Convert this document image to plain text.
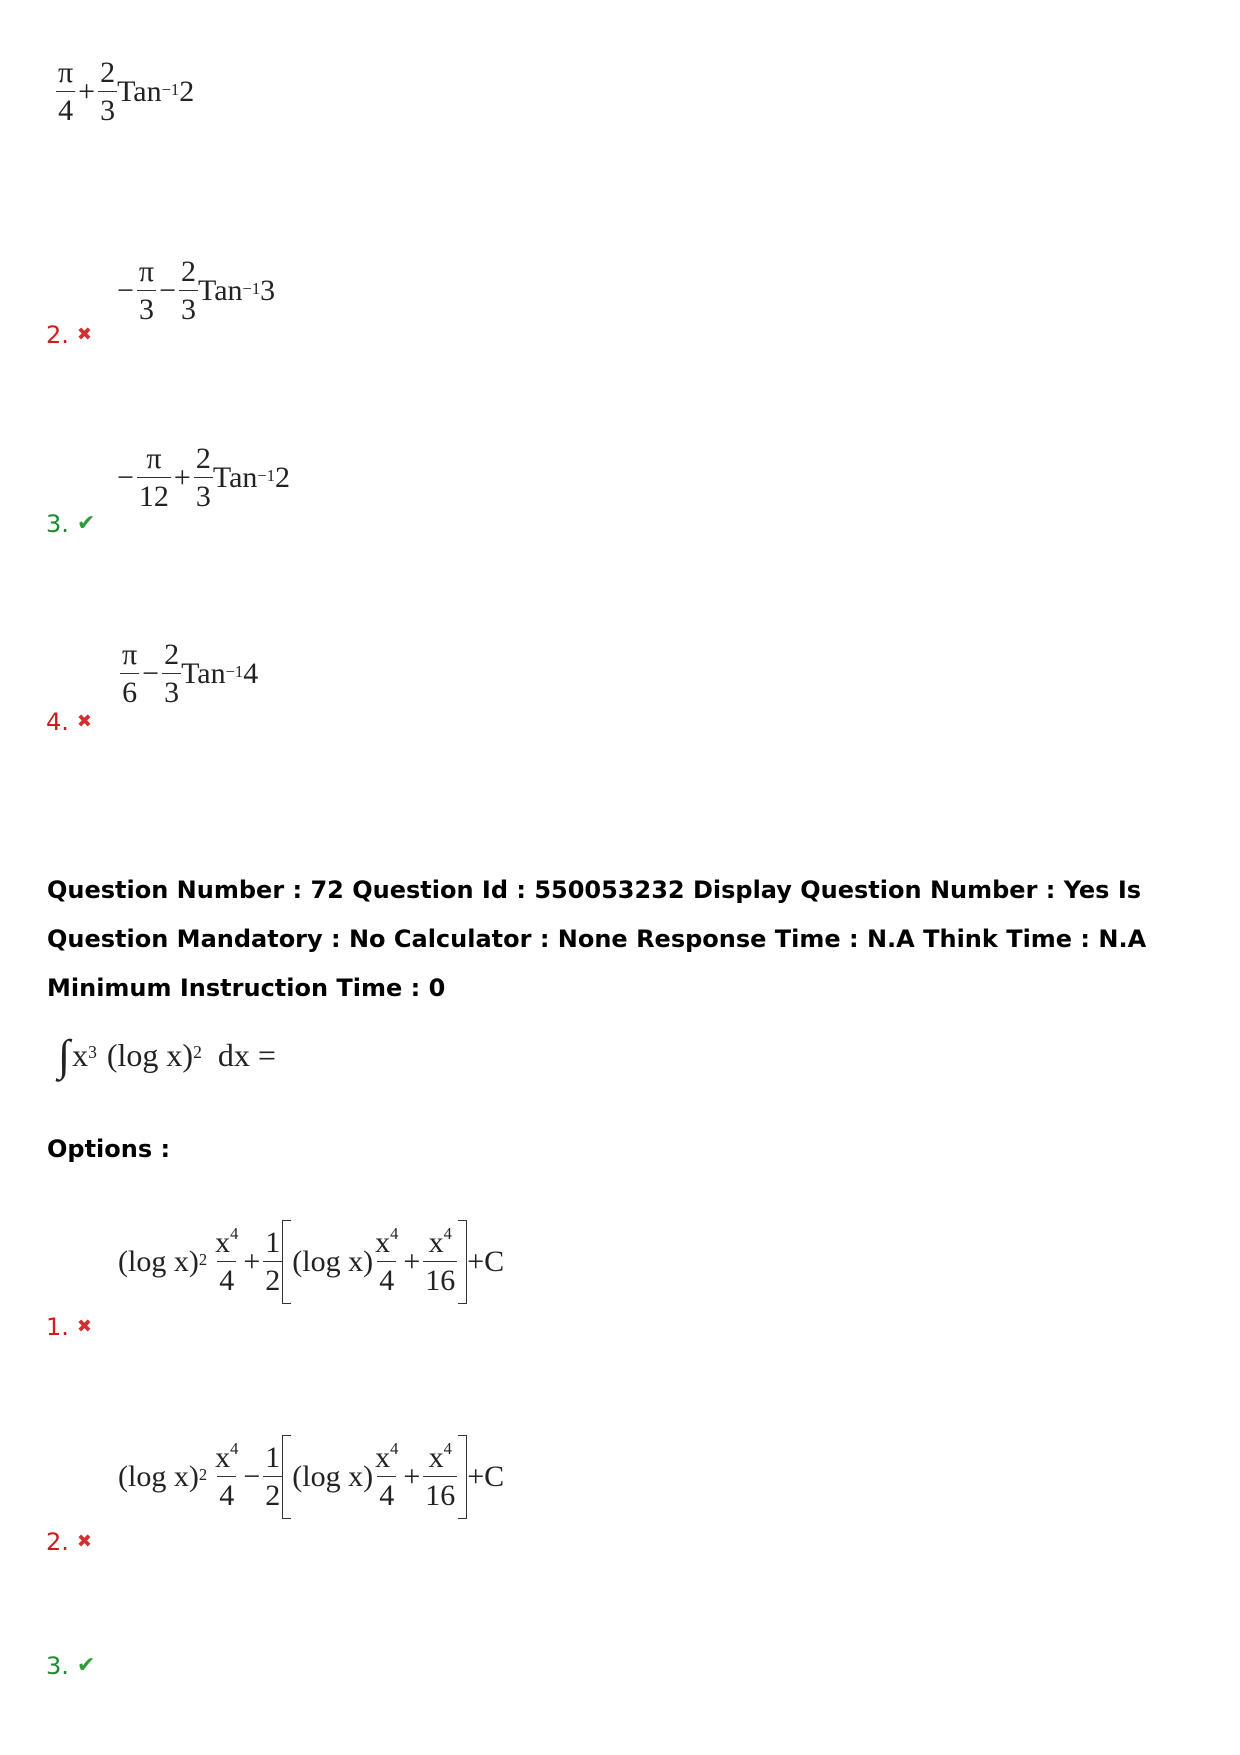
$\frac{\pi}{4} + \frac{2}{3}$ Tan −1 2
− $\frac{\pi}{3} - \frac{2}{3}$ Tan −1 3
2. ✖
− $\frac{\pi}{12} + \frac{2}{3}$ Tan −1 2
3. ✔
$\frac{\pi}{6} - \frac{2}{3}$ Tan −1 4
4. ✖
Question Number : 72 Question Id : 550053232 Display Question Number : Yes Is Question Mandatory : No Calculator : None Response Time : N.A Think Time : N.A Minimum Instruction Time : 0
∫ x 3 (log x) 2 dx =
Options :
(log x) $2 \frac{x^4}{4} + \frac{1}{2} (\log$ $x) \frac{x^4}{4} + \frac{x^4}{16} +C$
1. ✖
(log x) $2 \frac{x^4}{4} - \frac{1}{2} (\log$ $x) \frac{x^4}{4} + \frac{x^4}{16} +C$
2. ✖
3. ✔
